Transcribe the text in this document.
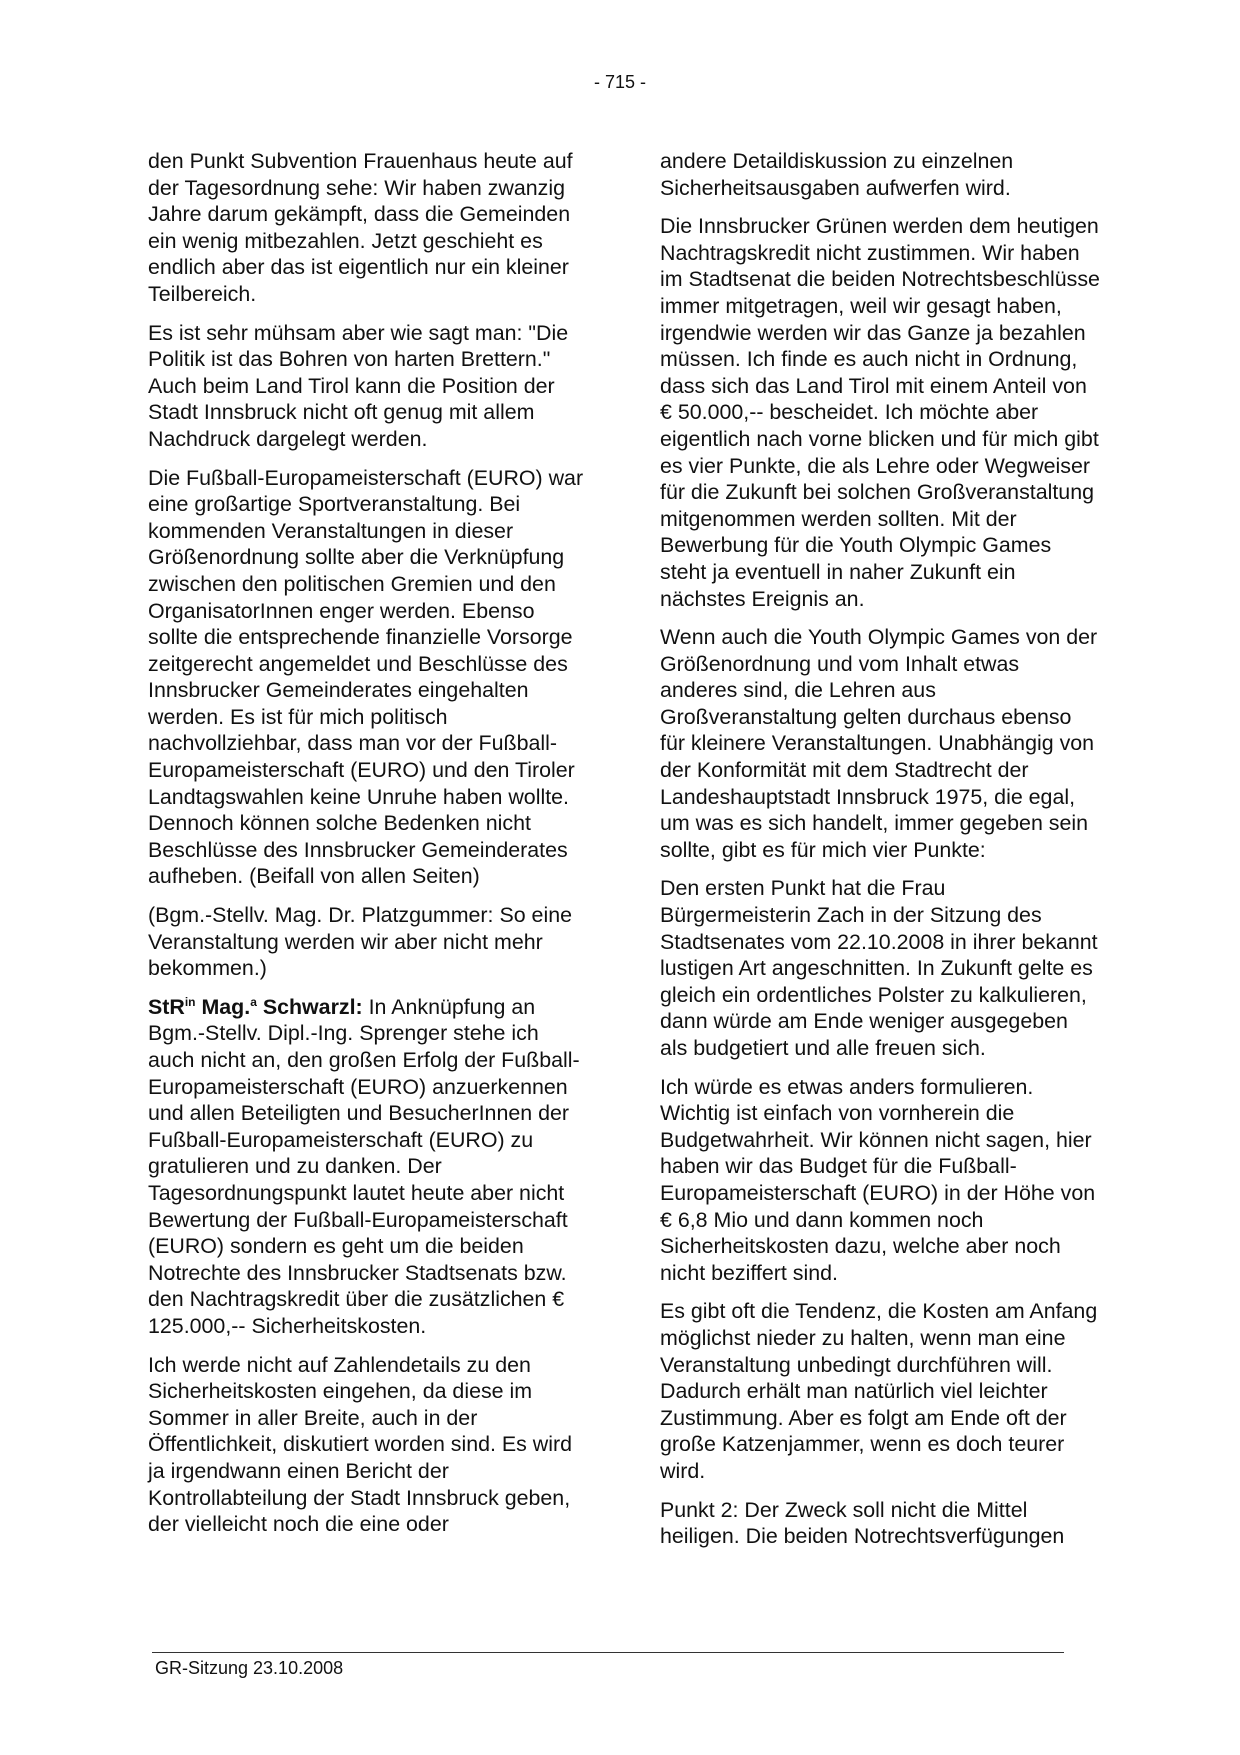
- 715 -

den Punkt Subvention Frauenhaus heute auf der Tagesordnung sehe: Wir haben zwanzig Jahre darum gekämpft, dass die Gemeinden ein wenig mitbezahlen. Jetzt geschieht es endlich aber das ist eigentlich nur ein kleiner Teilbereich.

Es ist sehr mühsam aber wie sagt man: "Die Politik ist das Bohren von harten Brettern." Auch beim Land Tirol kann die Position der Stadt Innsbruck nicht oft genug mit allem Nachdruck dargelegt werden.

Die Fußball-Europameisterschaft (EURO) war eine großartige Sportveranstaltung. Bei kommenden Veranstaltungen in dieser Größenordnung sollte aber die Verknüpfung zwischen den politischen Gremien und den OrganisatorInnen enger werden. Ebenso sollte die entsprechende finanzielle Vorsorge zeitgerecht angemeldet und Beschlüsse des Innsbrucker Gemeinderates eingehalten werden. Es ist für mich politisch nachvollziehbar, dass man vor der Fußball-Europameisterschaft (EURO) und den Tiroler Landtagswahlen keine Unruhe haben wollte. Dennoch können solche Bedenken nicht Beschlüsse des Innsbrucker Gemeinderates aufheben. (Beifall von allen Seiten)

(Bgm.-Stellv. Mag. Dr. Platzgummer: So eine Veranstaltung werden wir aber nicht mehr bekommen.)

StR$^{in}$ Mag.$^a$ Schwarzl: In Anknüpfung an Bgm.-Stellv. Dipl.-Ing. Sprenger stehe ich auch nicht an, den großen Erfolg der Fußball-Europameisterschaft (EURO) anzuerkennen und allen Beteiligten und BesucherInnen der Fußball-Europameisterschaft (EURO) zu gratulieren und zu danken. Der Tagesordnungspunkt lautet heute aber nicht Bewertung der Fußball-Europameisterschaft (EURO) sondern es geht um die beiden Notrechte des Innsbrucker Stadtsenats bzw. den Nachtragskredit über die zusätzlichen € 125.000,-- Sicherheitskosten.

Ich werde nicht auf Zahlendetails zu den Sicherheitskosten eingehen, da diese im Sommer in aller Breite, auch in der Öffentlichkeit, diskutiert worden sind. Es wird ja irgendwann einen Bericht der Kontrollabteilung der Stadt Innsbruck geben, der vielleicht noch die eine oder

andere Detaildiskussion zu einzelnen Sicherheitsausgaben aufwerfen wird.

Die Innsbrucker Grünen werden dem heutigen Nachtragskredit nicht zustimmen. Wir haben im Stadtsenat die beiden Notrechtsbeschlüsse immer mitgetragen, weil wir gesagt haben, irgendwie werden wir das Ganze ja bezahlen müssen. Ich finde es auch nicht in Ordnung, dass sich das Land Tirol mit einem Anteil von € 50.000,-- bescheidet. Ich möchte aber eigentlich nach vorne blicken und für mich gibt es vier Punkte, die als Lehre oder Wegweiser für die Zukunft bei solchen Großveranstaltung mitgenommen werden sollten. Mit der Bewerbung für die Youth Olympic Games steht ja eventuell in naher Zukunft ein nächstes Ereignis an.

Wenn auch die Youth Olympic Games von der Größenordnung und vom Inhalt etwas anderes sind, die Lehren aus Großveranstaltung gelten durchaus ebenso für kleinere Veranstaltungen. Unabhängig von der Konformität mit dem Stadtrecht der Landeshauptstadt Innsbruck 1975, die egal, um was es sich handelt, immer gegeben sein sollte, gibt es für mich vier Punkte:

Den ersten Punkt hat die Frau Bürgermeisterin Zach in der Sitzung des Stadtsenates vom 22.10.2008 in ihrer bekannt lustigen Art angeschnitten. In Zukunft gelte es gleich ein ordentliches Polster zu kalkulieren, dann würde am Ende weniger ausgegeben als budgetiert und alle freuen sich.

Ich würde es etwas anders formulieren. Wichtig ist einfach von vornherein die Budgetwahrheit. Wir können nicht sagen, hier haben wir das Budget für die Fußball-Europameisterschaft (EURO) in der Höhe von € 6,8 Mio und dann kommen noch Sicherheitskosten dazu, welche aber noch nicht beziffert sind.

Es gibt oft die Tendenz, die Kosten am Anfang möglichst nieder zu halten, wenn man eine Veranstaltung unbedingt durchführen will. Dadurch erhält man natürlich viel leichter Zustimmung. Aber es folgt am Ende oft der große Katzenjammer, wenn es doch teurer wird.

Punkt 2: Der Zweck soll nicht die Mittel heiligen. Die beiden Notrechtsverfügungen

GR-Sitzung 23.10.2008
